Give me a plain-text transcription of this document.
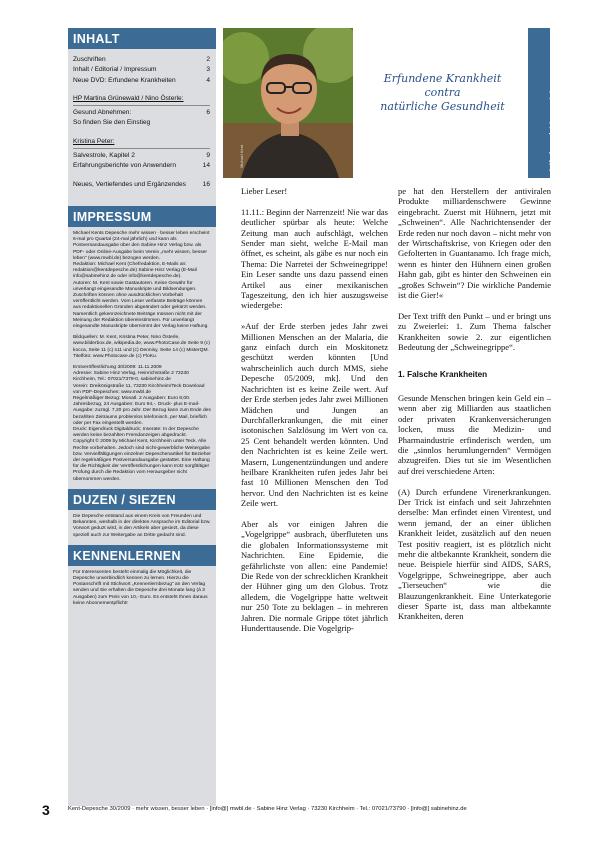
INHALT
Zuschriften	2
Inhalt / Editorial / Impressum	3
Neue DVD: Erfundene Krankheiten	4
HP Martina Grünewald / Nino Österle:
Gesund Abnehmen:	6
So finden Sie den Einstieg
Kristina Peter:
Salvestrole, Kapitel 2	9
Erfahrungsberichte von Anwendern	14
Neues, Vertiefendes und Ergänzendes	16
IMPRESSUM

Michael Kents Depesche mehr wissen · besser leben erscheint 6-mal pro Quartal (24-mal jährlich) und kann als Postversandausgabe über den Sabine Hinz Verlag bzw. als PDF- oder Online-Ausgabe beim Verein „mehr wissen, besser leben“ (www.mwbl.de) bezogen werden.

Redaktion: Michael Kent (Chefredaktion, E-Mails an: redaktion@kentdepesche.de) Sabine Hinz Verlag (E-Mail info@sabinehinz.de oder info@kentdepesche.de).

Autoren: M. Kent sowie Gastautoren. Keine Gewähr für unverlangt eingesandte Manuskripte und Bildsendungen. Zuschriften können ohne ausdrücklichen Vorbehalt veröffentlicht werden. Vom Leser verfasste Beiträge können aus redaktionellen Gründen abgeändert oder gekürzt werden. Namentlich gekennzeichnete Beiträge müssen nicht mit der Meinung der Redaktion übereinstimmen. Für unverlangt eingesandte Manuskripte übernimmt der Verlag keine Haftung.

Bildquellen: M. Kent, Kristina Peter, Nino Österle, www.bilderbox.de, wikipedia.de, www.PhotoCase.de Seite 9 (c) kocca, Seite 11 (c) s11 und (c) Dennisy, Seite 14 (c) MisterQM.

Titelfoto: www.Photocase.de (c) FloKu.

Erstveröffentlichung 30/2009: 11.11.2009

Adresse: Sabine Hinz Verlag, Heinrichstraße 2 73230 Kirchheim, Tel.: 07021/7379-0, sabinehinz.de

Verein: Dreikönigstraße 11, 73230 Kirchheim/Teck Download von PDF-Depeschen: www.mwbl.de

Regelmäßiger Bezug: Monatl. 2 Ausgaben: Euro 8,00. Jahresbezug, 24 Ausgaben: Euro 94,-. Druck- plus E-mail-Ausgabe: zuzügl. 7,20 pro Jahr. Der Bezug kann zum Ende des bezahlten Zeitraums problemlos telefonisch, per Mail, brieflich oder per Fax eingestellt werden.

Druck: Eigendruck Digitaldruck; Inserate: In der Depesche werden keine bezahlten Fremdanzeigen abgedruckt.

Copyright © 2009 by Michael Kent, Kirchheim unter Teck. Alle Rechte vorbehalten. Jedoch sind nicht-gewerbliche Weitergabe bzw. Vervielfältigungen einzelner Depeschenartikel für Bezieher der regelmäßigen Postversandausgabe gestattet. Eine Haftung für die Richtigkeit der Veröffentlichungen kann trotz sorgfältiger Prüfung durch die Redaktion vom Herausgeber nicht übernommen werden.

DUZEN / SIEZEN
Die Depesche entstand aus einem Kreis von Freunden und Bekannten, weshalb in der direkten Ansprache im Editorial bzw. Vorwort geduzt wird, in den Artikeln aber gesiezt, da diese speziell auch zur Weitergabe an Dritte gedacht sind.
KENNENLERNEN
Für Interessenten besteht einmalig die Möglichkeit, die Depesche unverbindlich kennen zu lernen. Hierzu die Postanschrift mit Stichwort „Kennenlernbezug“ an den Verlag senden und Sie erhalten die Depesche drei Monate lang (á 3 Ausgaben) zum Preis von 10,- Euro. Es entsteht Ihnen daraus keine Abonnementpflicht!
Michael Kent
Erfundene Krankheit
contra
natürliche Gesundheit	Michael Kent, Vorwort

Lieber Leser!

11.11.: Beginn der Narrenzeit! Nie war das deutlicher spürbar als heute: Welche Zeitung man auch aufschlägt, welchen Sender man sieht, welche E-Mail man öffnet, es scheint, als gäbe es nur noch ein Thema: Die Narretei der Schweinegrippe! Ein Leser sandte uns dazu passend einen Artikel aus einer mexikanischen Tageszeitung, den ich hier auszugsweise wiedergebe:

»Auf der Erde sterben jedes Jahr zwei Millionen Menschen an der Malaria, die ganz einfach durch ein Moskitonetz geschützt werden könnten [Und wahrscheinlich auch durch MMS, siehe Depesche 05/2009, mk]. Und den Nachrichten ist es keine Zeile wert. Auf der Erde sterben jedes Jahr zwei Millionen Mädchen und Jungen an Durchfallerkrankungen, die mit einer isotonischen Salzlösung im Wert von ca. 25 Cent behandelt werden könnten. Und den Nachrichten ist es keine Zeile wert. Masern, Lungenentzündungen und andere heilbare Krankheiten rufen jedes Jahr bei fast 10 Millionen Menschen den Tod hervor. Und den Nachrichten ist es keine Zeile wert.

Aber als vor einigen Jahren die „Vogelgrippe“ ausbrach, überfluteten uns die globalen Informationssysteme mit Nachrichten. Eine Epidemie, die gefährlichste von allen: eine Pandemie! Die Rede von der schrecklichen Krankheit der Hühner ging um den Globus. Trotz alledem, die Vogelgrippe hatte weltweit nur 250 Tote zu beklagen – in mehreren Jahren. Die normale Grippe tötet jährlich Hunderttausende. Die Vogelgrip-

pe hat den Herstellern der antiviralen Produkte milliardenschwere Gewinne eingebracht. Zuerst mit Hühnern, jetzt mit „Schweinen“. Alle Nachrichtensender der Erde reden nur noch davon – nicht mehr von der Wirtschaftskrise, von Kriegen oder den Gefolterten in Guantanamo. Ich frage mich, wenn es hinter den Hühnern einen großen Hahn gab, gibt es hinter den Schweinen ein „großes Schwein“? Die wirkliche Pandemie ist die Gier!«

Der Text trifft den Punkt – und er bringt uns zu Zweierlei: 1. Zum Thema falscher Krankheiten sowie 2. zur eigentlichen Bedeutung der „Schweinegrippe“.

1. Falsche Krankheiten

Gesunde Menschen bringen kein Geld ein – wenn aber zig Milliarden aus staatlichen oder privaten Krankenversicherungen locken, muss die Medizin- und Pharmaindustrie erfinderisch werden, um die „sinnlos herumlungernden“ Vermögen abzugreifen. Dies tut sie im Wesentlichen auf drei verschiedene Arten:

(A) Durch erfundene Virenerkrankungen. Der Trick ist einfach und seit Jahrzehnten derselbe: Man erfindet einen Virentest, und wenn jemand, der an einer üblichen Krankheit leidet, zusätzlich auf den neuen Test positiv reagiert, ist es plötzlich nicht mehr die altbekannte Krankheit, sondern die neue. Beispiele hierfür sind AIDS, SARS, Vogelgrippe, Schweinegrippe, aber auch „Tierseuchen“ wie die Blauzungenkrankheit. Eine Unterkategorie dieser Sparte ist, dass man altbekannte Krankheiten, deren

3	Kent-Depesche 30/2009 · mehr wissen, besser leben · [info@] mwbl.de · Sabine Hinz Verlag · 73230 Kirchheim · Tel.: 07021/73790 · [info@] sabinehinz.de
